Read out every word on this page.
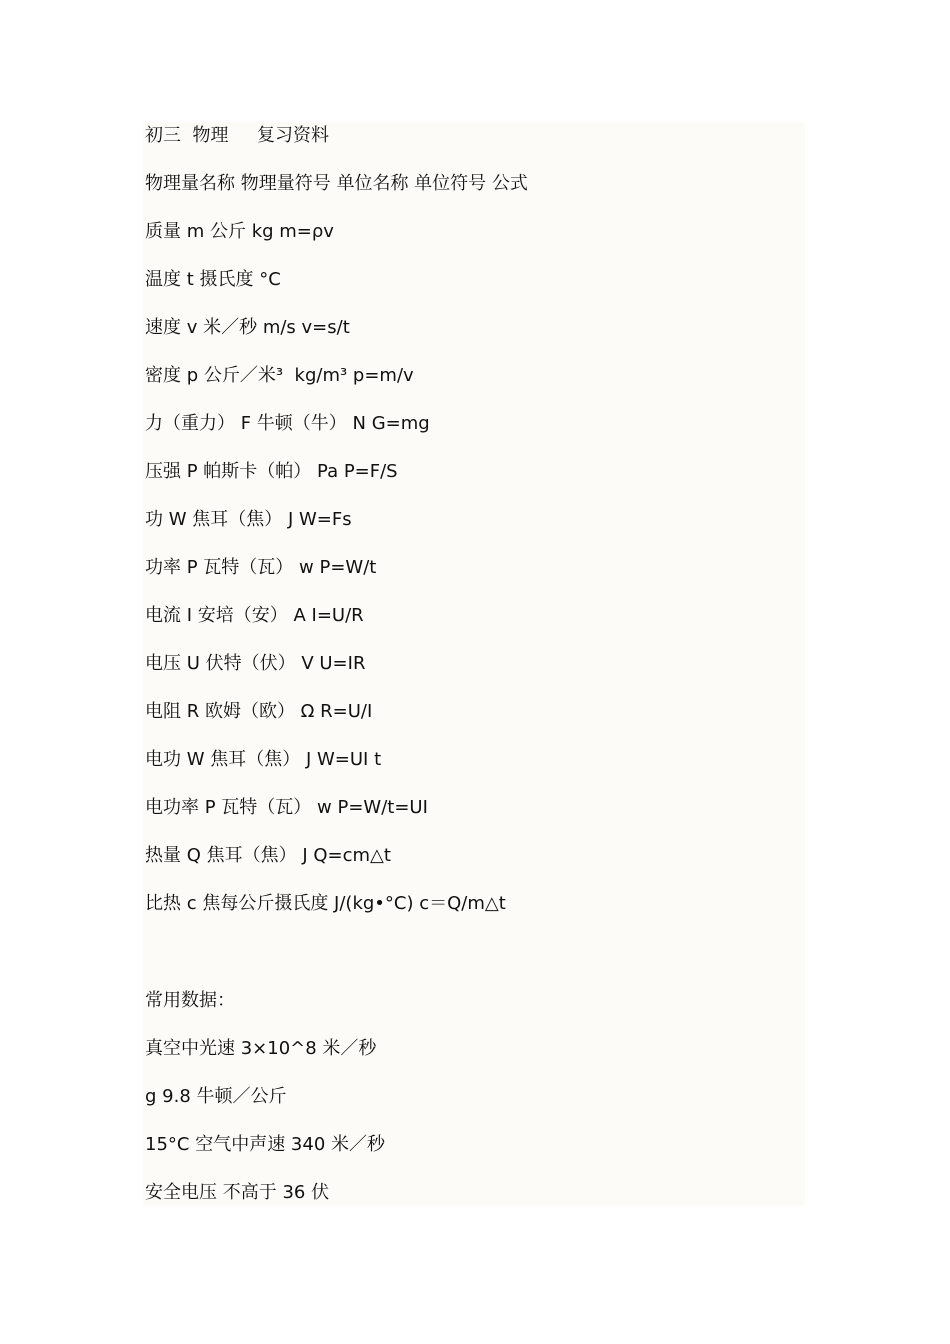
初三  物理     复习资料
物理量名称 物理量符号 单位名称 单位符号 公式
质量 m 公斤 kg m=ρv
温度 t 摄氏度 °C
速度 v 米／秒 m/s v=s/t
密度 p 公斤／米³  kg/m³ p=m/v
力（重力） F 牛顿（牛） N G=mg
压强 P 帕斯卡（帕） Pa P=F/S
功 W 焦耳（焦） J W=Fs
功率 P 瓦特（瓦） w P=W/t
电流 I 安培（安） A I=U/R
电压 U 伏特（伏） V U=IR
电阻 R 欧姆（欧） Ω R=U/I
电功 W 焦耳（焦） J W=UI t
电功率 P 瓦特（瓦） w P=W/t=UI
热量 Q 焦耳（焦） J Q=cm△t
比热 c 焦每公斤摄氏度 J/(kg•°C) c＝Q/m△t
常用数据：
真空中光速 3×10^8 米／秒
g 9.8 牛顿／公斤
15°C 空气中声速 340 米／秒
安全电压 不高于 36 伏
